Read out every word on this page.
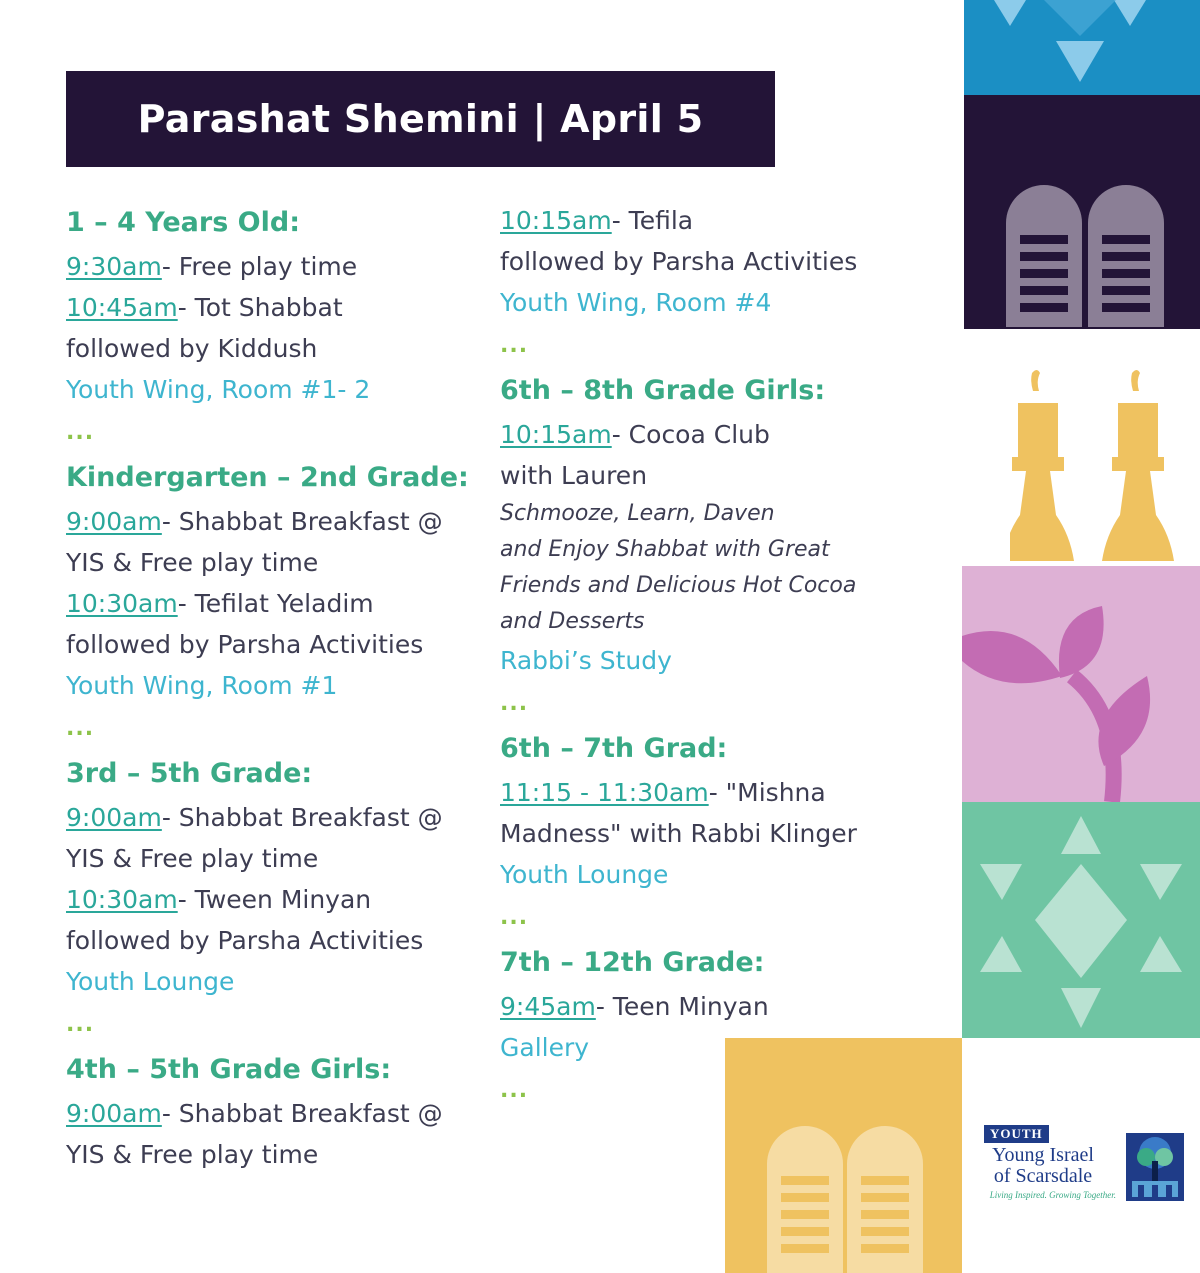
Parashat Shemini | April 5

1 – 4 Years Old:

9:30am- Free play time

10:45am- Tot Shabbat

followed by Kiddush

Youth Wing, Room #1- 2

...

Kindergarten – 2nd Grade:

9:00am- Shabbat Breakfast @

YIS & Free play time

10:30am- Tefilat Yeladim

followed by Parsha Activities

Youth Wing, Room #1

...

3rd – 5th Grade:

9:00am- Shabbat Breakfast @

YIS & Free play time

10:30am- Tween Minyan

followed by Parsha Activities

Youth Lounge

...

4th – 5th Grade Girls:

9:00am- Shabbat Breakfast @

YIS & Free play time

10:15am- Tefila

followed by Parsha Activities

Youth Wing, Room #4

...

6th – 8th Grade Girls:

10:15am- Cocoa Club

with Lauren

Schmooze, Learn, Daven

and Enjoy Shabbat with Great

Friends and Delicious Hot Cocoa

and Desserts

Rabbi’s Study

...

6th – 7th Grad:

11:15 - 11:30am- "Mishna

Madness" with Rabbi Klinger

Youth Lounge

...

7th – 12th Grade:

9:45am- Teen Minyan

Gallery

...

YOUTH
Young Israel
of Scarsdale
Living Inspired. Growing Together.
